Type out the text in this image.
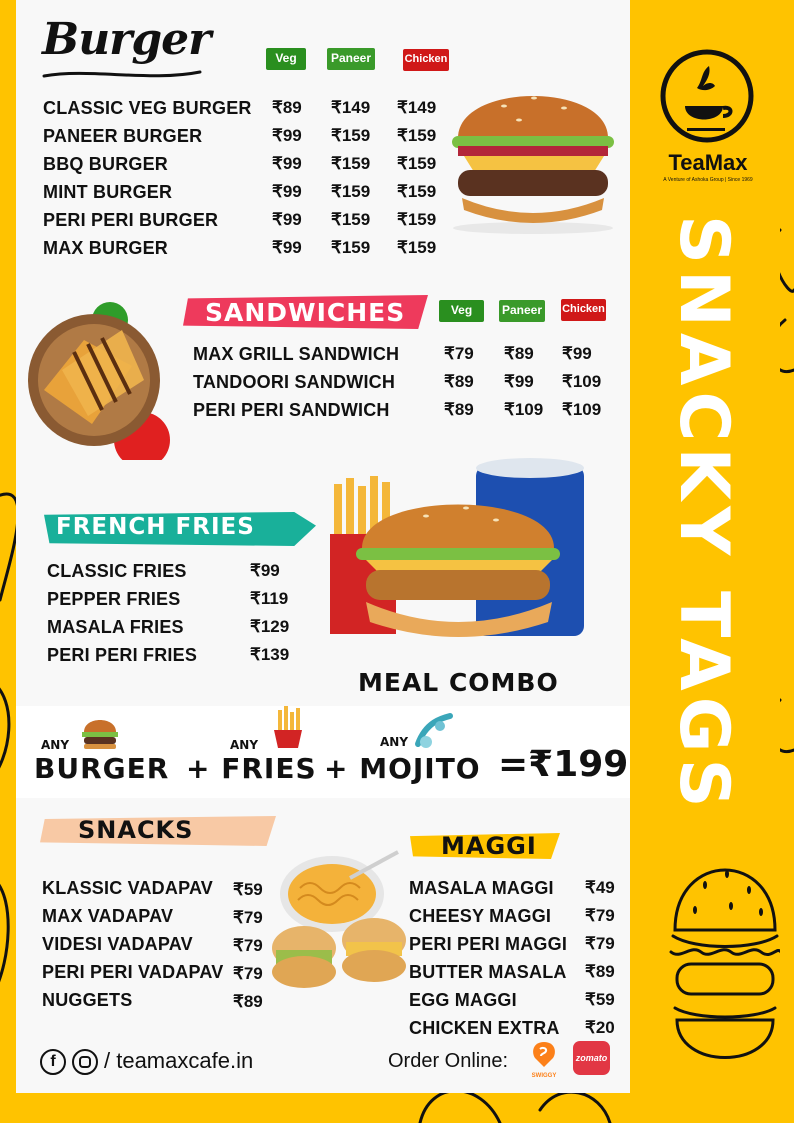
Burger	Veg	Paneer	Chicken
CLASSIC VEG BURGER ₹89 ₹149 ₹149
PANEER BURGER	₹99 ₹159 ₹159
BBQ BURGER	₹99 ₹159 ₹159
MINT BURGER	₹99 ₹159 ₹159
PERI PERI BURGER	₹99 ₹159 ₹159
MAX BURGER	₹99 ₹159 ₹159
SANDWICHES	Veg	Paneer Chicken
MAX GRILL SANDWICH	₹79 ₹89 ₹99
TANDOORI SANDWICH	₹89 ₹99 ₹109
PERI PERI SANDWICH	₹89 ₹109 ₹109
FRENCH FRIES
CLASSIC FRIES	₹99
PEPPER FRIES	₹119
MASALA FRIES	₹129
PERI PERI FRIES	₹139
MEAL COMBO
ANY	ANY	ANY
BURGER + FRIES + MOJITO =₹199
SNACKS
KLASSIC VADAPAV ₹59
MAX VADAPAV	₹79
VIDESI VADAPAV ₹79
PERI PERI VADAPAV ₹79
NUGGETS	₹89
MAGGI
MASALA MAGGI ₹49
CHEESY MAGGI ₹79
PERI PERI MAGGI ₹79
BUTTER MASALA ₹89
EGG MAGGI	₹59
CHICKEN EXTRA ₹20
f	/ teamaxcafe.in	Order Online:
SWIGGY
zomato
TeaMax
A Venture of Ashoka Group | Since 1969
SNACKY TAGS
